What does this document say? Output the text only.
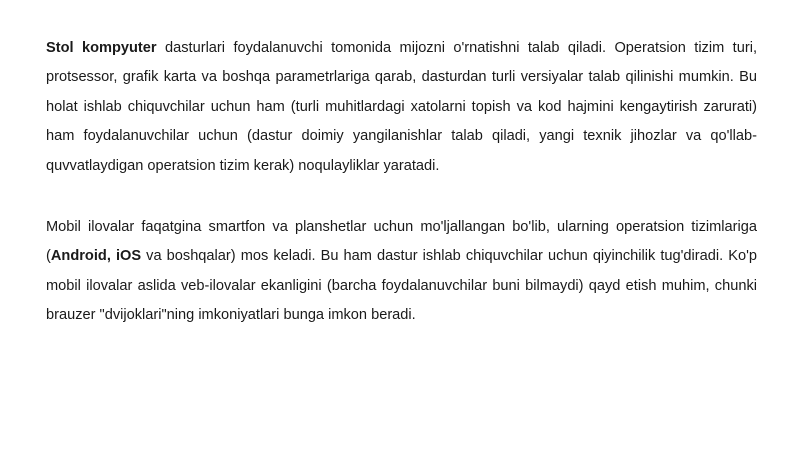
Stol kompyuter dasturlari foydalanuvchi tomonida mijozni o'rnatishni talab qiladi. Operatsion tizim turi, protsessor, grafik karta va boshqa parametrlariga qarab, dasturdan turli versiyalar talab qilinishi mumkin. Bu holat ishlab chiquvchilar uchun ham (turli muhitlardagi xatolarni topish va kod hajmini kengaytirish zarurati) ham foydalanuvchilar uchun (dastur doimiy yangilanishlar talab qiladi, yangi texnik jihozlar va qo'llab-quvvatlaydigan operatsion tizim kerak) noqulayliklar yaratadi.

Mobil ilovalar faqatgina smartfon va planshetlar uchun mo'ljallangan bo'lib, ularning operatsion tizimlariga (Android, iOS va boshqalar) mos keladi. Bu ham dastur ishlab chiquvchilar uchun qiyinchilik tug'diradi. Ko'p mobil ilovalar aslida veb-ilovalar ekanligini (barcha foydalanuvchilar buni bilmaydi) qayd etish muhim, chunki brauzer "dvijoklari"ning imkoniyatlari bunga imkon beradi.
